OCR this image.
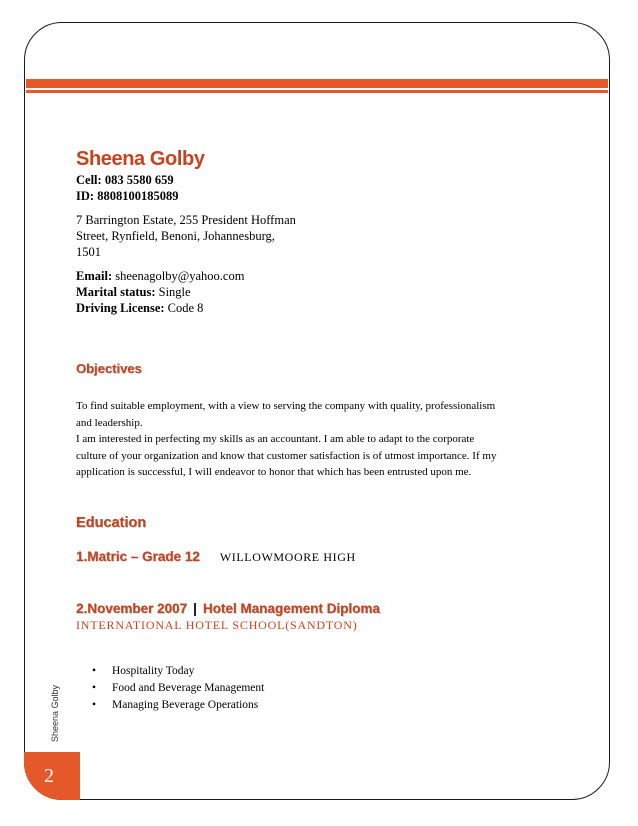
Sheena Golby

Cell: 083 5580 659

ID: 8808100185089

7 Barrington Estate, 255 President Hoffman

Street, Rynfield, Benoni, Johannesburg,

1501

Email: sheenagolby@yahoo.com

Marital status: Single

Driving License: Code 8

Objectives

To find suitable employment, with a view to serving the company with quality, professionalism

and leadership.

I am interested in perfecting my skills as an accountant. I am able to adapt to the corporate

culture of your organization and know that customer satisfaction is of utmost importance. If my

application is successful, I will endeavor to honor that which has been entrusted upon me.

Education
1.Matric – Grade 12 WILLOWMOORE HIGH
2.November 2007 | Hotel Management Diploma

INTERNATIONAL HOTEL SCHOOL(SANDTON)

•	Hospitality Today
•	Food and Beverage Management
•	Managing Beverage Operations
Sheena Golby
2
